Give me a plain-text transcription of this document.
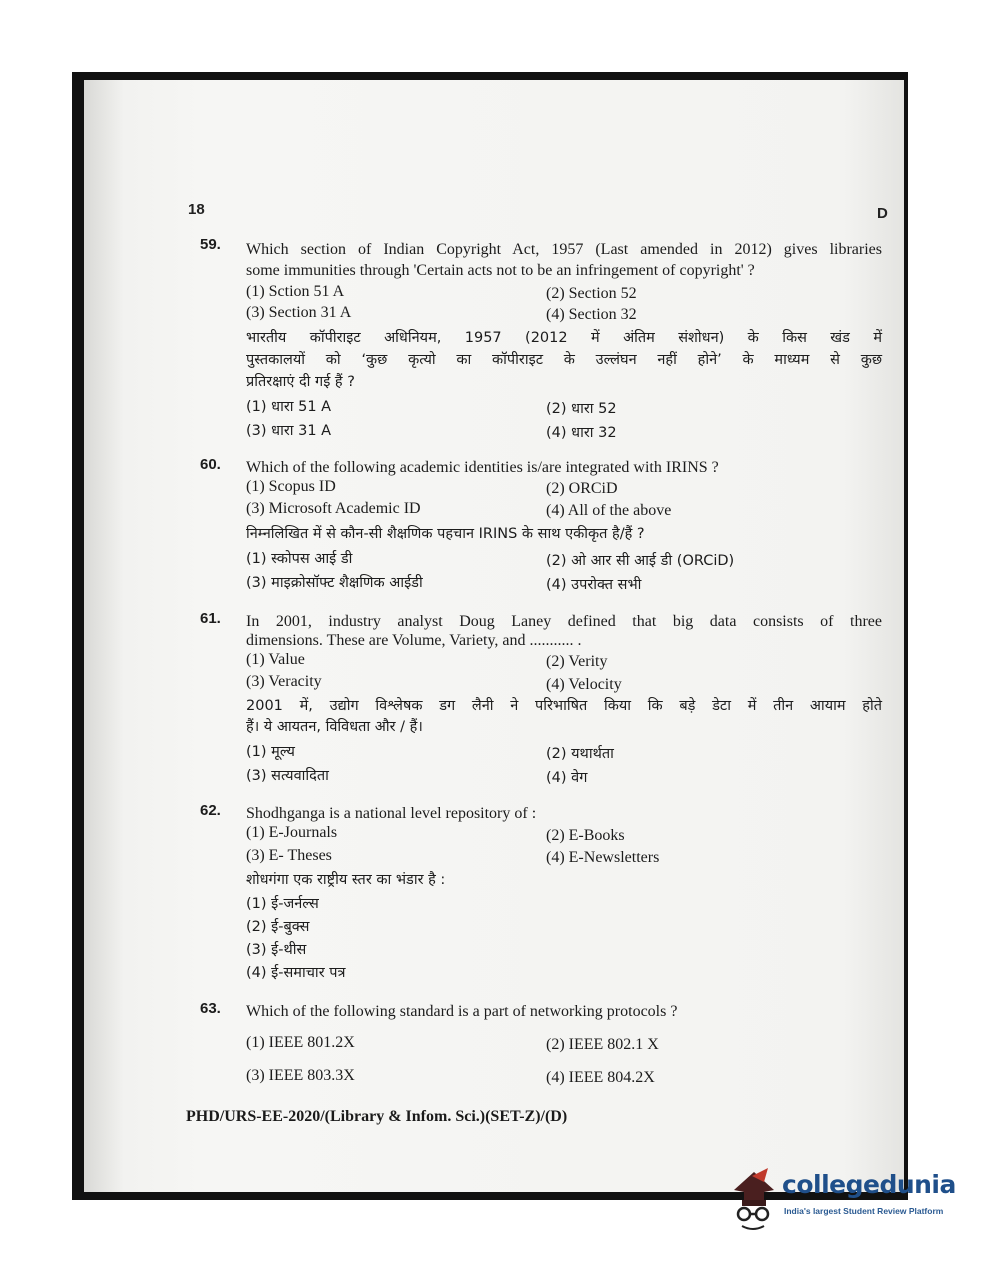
18	D
59. Which section of Indian Copyright Act, 1957 (Last amended in 2012) gives libraries
some immunities through 'Certain acts not to be an infringement of copyright' ?
(1) Sction 51 A	(2) Section 52
(3) Section 31 A	(4) Section 32
भारतीय कॉपीराइट अधिनियम, 1957 (2012 में अंतिम संशोधन) के किस खंड में
पुस्तकालयों को ‘कुछ कृत्यो का कॉपीराइट के उल्लंघन नहीं होने’ के माध्यम से कुछ
प्रतिरक्षाएं दी गई हैं ?
(1) धारा 51 A	(2) धारा 52
(3) धारा 31 A	(4) धारा 32
60. Which of the following academic identities is/are integrated with IRINS ?
(1) Scopus ID	(2) ORCiD
(3) Microsoft Academic ID	(4) All of the above
निम्नलिखित में से कौन-सी शैक्षणिक पहचान IRINS के साथ एकीकृत है/हैं ?
(1) स्कोपस आई डी	(2) ओ आर सी आई डी (ORCiD)
(3) माइक्रोसॉफ्ट शैक्षणिक आईडी	(4) उपरोक्त सभी
61. In 2001, industry analyst Doug Laney defined that big data consists of three
dimensions. These are Volume, Variety, and ........... .
(1) Value	(2) Verity
(3) Veracity	(4) Velocity
2001 में, उद्योग विश्लेषक डग लैनी ने परिभाषित किया कि बड़े डेटा में तीन आयाम होते
हैं। ये आयतन, विविधता और / हैं।
(1) मूल्य	(2) यथार्थता
(3) सत्यवादिता	(4) वेग
62. Shodhganga is a national level repository of :
(1) E-Journals	(2) E-Books
(3) E- Theses	(4) E-Newsletters
शोधगंगा एक राष्ट्रीय स्तर का भंडार है :
(1) ई-जर्नल्स
(2) ई-बुक्स
(3) ई-थीस
(4) ई-समाचार पत्र
63. Which of the following standard is a part of networking protocols ?
(1) IEEE 801.2X	(2) IEEE 802.1 X
(3) IEEE 803.3X	(4) IEEE 804.2X
PHD/URS-EE-2020/(Library & Infom. Sci.)(SET-Z)/(D)
collegedunia
India's largest Student Review Platform
